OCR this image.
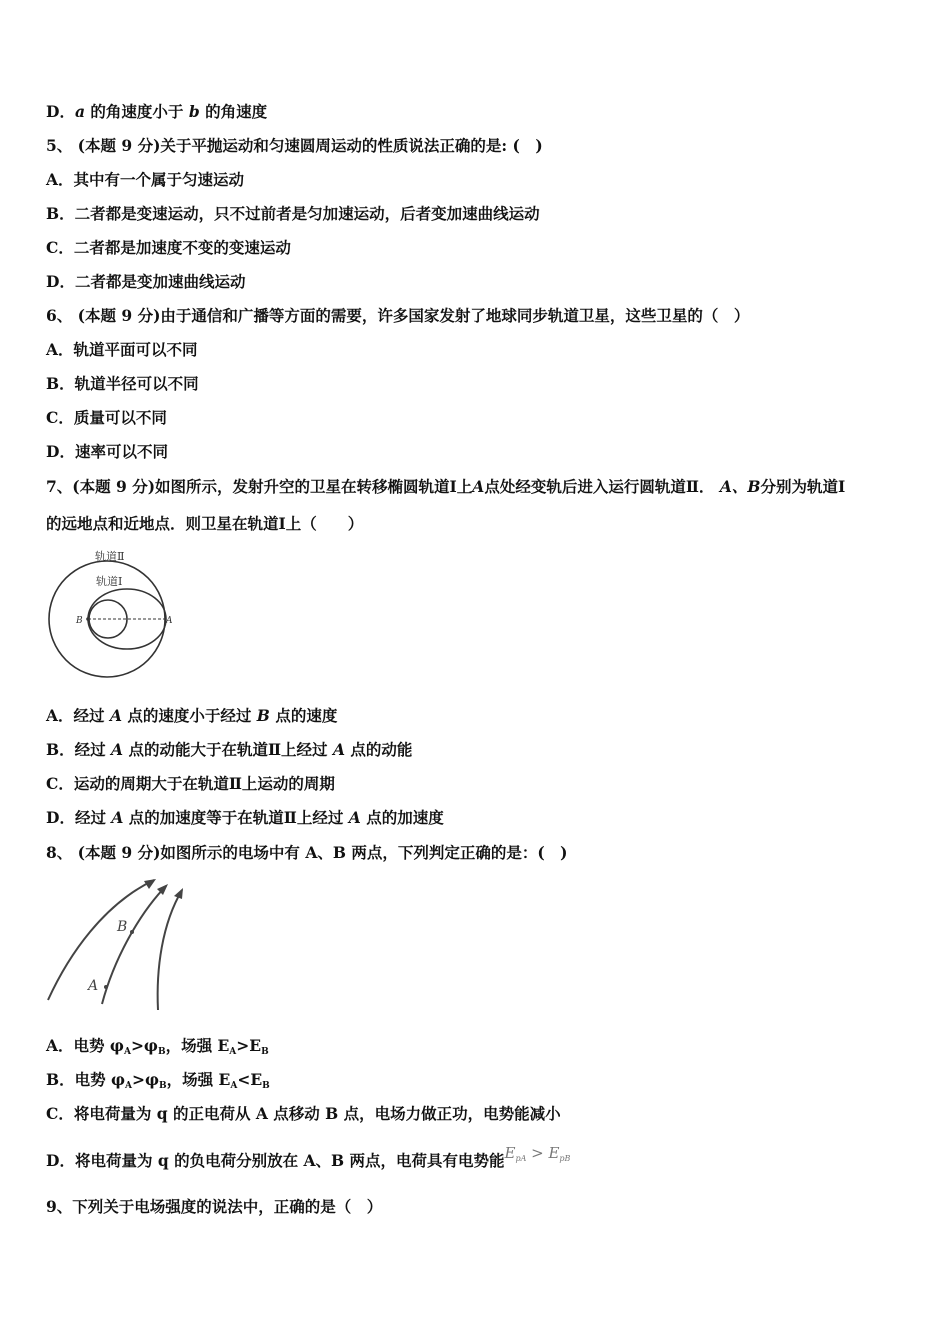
D．a 的角速度小于 b 的角速度
5、 (本题 9 分)关于平抛运动和匀速圆周运动的性质说法正确的是: (　)
A．其中有一个属于匀速运动
B．二者都是变速运动，只不过前者是匀加速运动，后者变加速曲线运动
C．二者都是加速度不变的变速运动
D．二者都是变加速曲线运动
6、 (本题 9 分)由于通信和广播等方面的需要，许多国家发射了地球同步轨道卫星，这些卫星的（　）
A．轨道平面可以不同
B．轨道半径可以不同
C．质量可以不同
D．速率可以不同
7、(本题 9 分)如图所示，发射升空的卫星在转移椭圆轨道Ⅰ上A点处经变轨后进入运行圆轨道Ⅱ． A、B分别为轨道Ⅰ
的远地点和近地点．则卫星在轨道Ⅰ上（　　）
轨道Ⅱ
轨道Ⅰ
B	A
A．经过 A 点的速度小于经过 B 点的速度
B．经过 A 点的动能大于在轨道Ⅱ上经过 A 点的动能
C．运动的周期大于在轨道Ⅱ上运动的周期
D．经过 A 点的加速度等于在轨道Ⅱ上经过 A 点的加速度
8、 (本题 9 分)如图所示的电场中有 A、B 两点，下列判定正确的是：(　)
A
B
A．电势 $\varphi_A>\varphi_B$，场强 $E_A>E_B$
B．电势 $\varphi_A>\varphi_B$，场强 $E_A<E_B$
C．将电荷量为 q 的正电荷从 A 点移动 B 点，电场力做正功，电势能减小
D．将电荷量为 q 的负电荷分别放在 A、B 两点，电荷具有电势能$E_{pA} > E_{pB}$
9、下列关于电场强度的说法中，正确的是（　）
